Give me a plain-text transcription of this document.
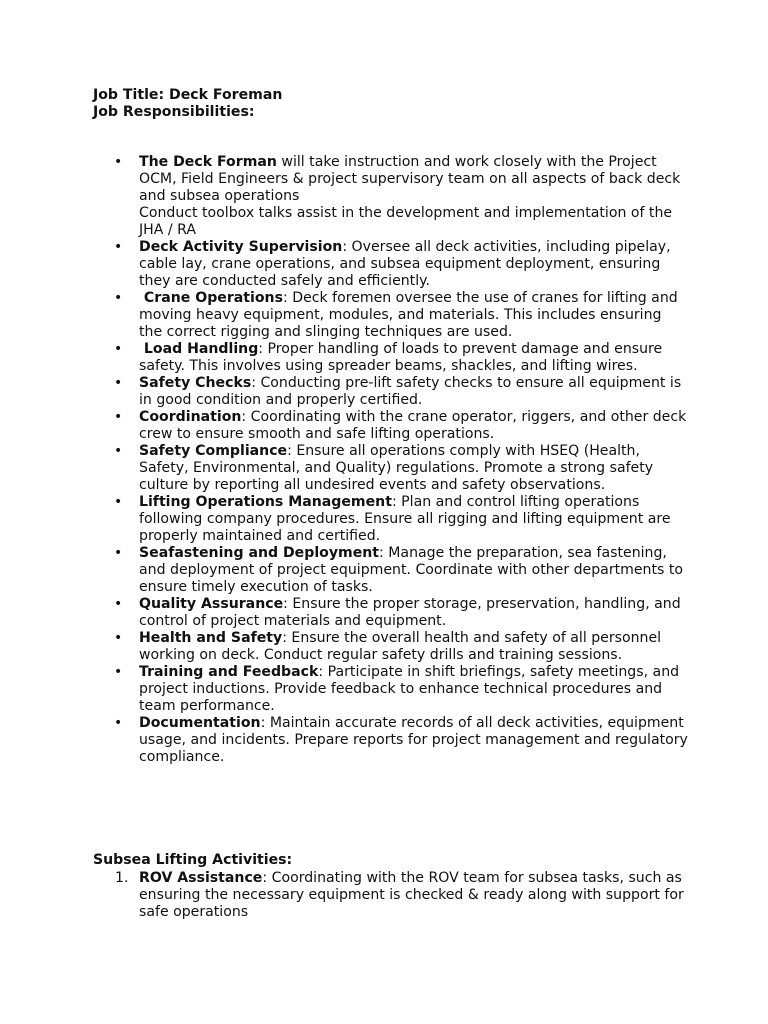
Job Title: Deck Foreman
Job Responsibilities:
• The Deck Forman will take instruction and work closely with the Project OCM, Field Engineers & project supervisory team on all aspects of back deck and subsea operations
Conduct toolbox talks assist in the development and implementation of the JHA / RA
• Deck Activity Supervision: Oversee all deck activities, including pipelay, cable lay, crane operations, and subsea equipment deployment, ensuring they are conducted safely and efficiently.
• Crane Operations: Deck foremen oversee the use of cranes for lifting and moving heavy equipment, modules, and materials. This includes ensuring the correct rigging and slinging techniques are used.
• Load Handling: Proper handling of loads to prevent damage and ensure safety. This involves using spreader beams, shackles, and lifting wires.
• Safety Checks: Conducting pre-lift safety checks to ensure all equipment is in good condition and properly certified.
• Coordination: Coordinating with the crane operator, riggers, and other deck crew to ensure smooth and safe lifting operations.
• Safety Compliance: Ensure all operations comply with HSEQ (Health, Safety, Environmental, and Quality) regulations. Promote a strong safety culture by reporting all undesired events and safety observations.
• Lifting Operations Management: Plan and control lifting operations following company procedures. Ensure all rigging and lifting equipment are properly maintained and certified.
• Seafastening and Deployment: Manage the preparation, sea fastening, and deployment of project equipment. Coordinate with other departments to ensure timely execution of tasks.
• Quality Assurance: Ensure the proper storage, preservation, handling, and control of project materials and equipment.
• Health and Safety: Ensure the overall health and safety of all personnel working on deck. Conduct regular safety drills and training sessions.
• Training and Feedback: Participate in shift briefings, safety meetings, and project inductions. Provide feedback to enhance technical procedures and team performance.
• Documentation: Maintain accurate records of all deck activities, equipment usage, and incidents. Prepare reports for project management and regulatory compliance.
Subsea Lifting Activities:
1. ROV Assistance: Coordinating with the ROV team for subsea tasks, such as ensuring the necessary equipment is checked & ready along with support for safe operations
